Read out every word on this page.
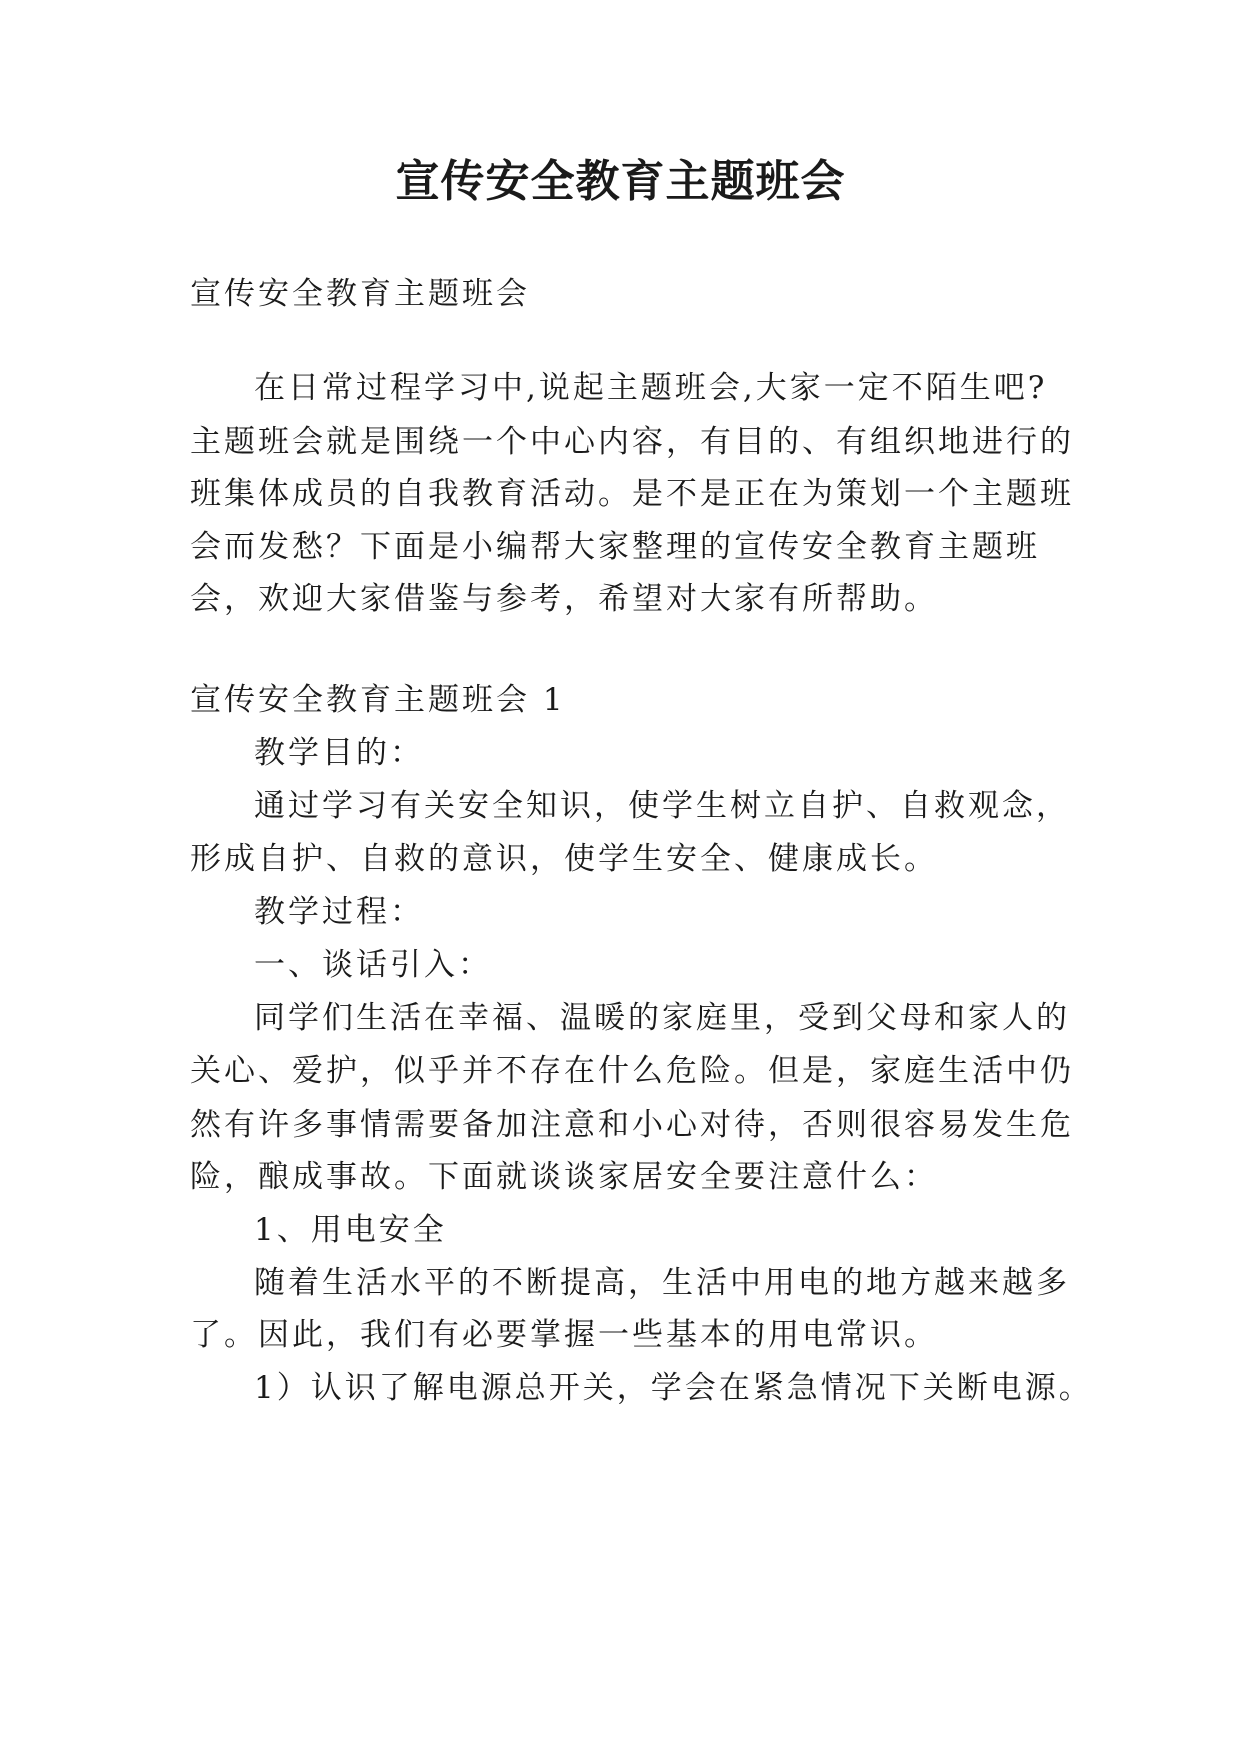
宣传安全教育主题班会

宣传安全教育主题班会

在日常过程学习中,说起主题班会,大家一定不陌生吧?

主题班会就是围绕一个中心内容，有目的、有组织地进行的

班集体成员的自我教育活动。是不是正在为策划一个主题班

会而发愁？下面是小编帮大家整理的宣传安全教育主题班

会，欢迎大家借鉴与参考，希望对大家有所帮助。

宣传安全教育主题班会 1

教学目的：

通过学习有关安全知识，使学生树立自护、自救观念，

形成自护、自救的意识，使学生安全、健康成长。

教学过程：

一、谈话引入：

同学们生活在幸福、温暖的家庭里，受到父母和家人的

关心、爱护，似乎并不存在什么危险。但是，家庭生活中仍

然有许多事情需要备加注意和小心对待，否则很容易发生危

险，酿成事故。下面就谈谈家居安全要注意什么：

1、用电安全

随着生活水平的不断提高，生活中用电的地方越来越多

了。因此，我们有必要掌握一些基本的用电常识。

1）认识了解电源总开关，学会在紧急情况下关断电源。
